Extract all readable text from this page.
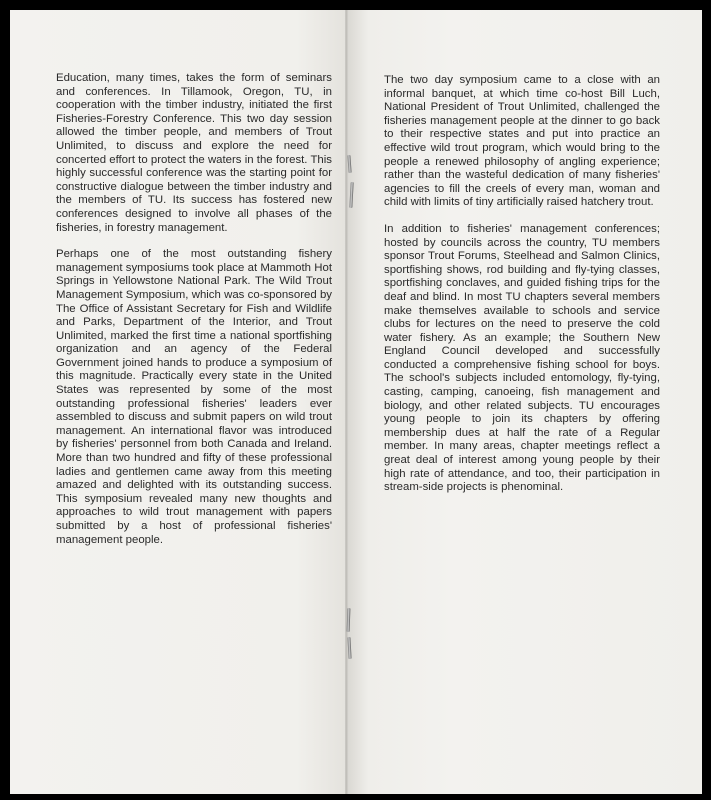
Education, many times, takes the form of seminars and conferences. In Tillamook, Oregon, TU, in cooperation with the timber industry, initiated the first Fisheries-Forestry Conference. This two day session allowed the timber people, and members of Trout Unlimited, to discuss and explore the need for concerted effort to protect the waters in the forest. This highly successful conference was the starting point for constructive dialogue between the timber industry and the members of TU. Its success has fostered new conferences designed to involve all phases of the fisheries, in forestry management.

Perhaps one of the most outstanding fishery management symposiums took place at Mammoth Hot Springs in Yellowstone National Park. The Wild Trout Management Symposium, which was co-sponsored by The Office of Assistant Secretary for Fish and Wildlife and Parks, Department of the Interior, and Trout Unlimited, marked the first time a national sportfishing organization and an agency of the Federal Government joined hands to produce a symposium of this magnitude. Practically every state in the United States was represented by some of the most outstanding professional fisheries' leaders ever assembled to discuss and submit papers on wild trout management. An international flavor was introduced by fisheries' personnel from both Canada and Ireland. More than two hundred and fifty of these professional ladies and gentlemen came away from this meeting amazed and delighted with its outstanding success. This symposium revealed many new thoughts and approaches to wild trout management with papers submitted by a host of professional fisheries' management people.

The two day symposium came to a close with an informal banquet, at which time co-host Bill Luch, National President of Trout Unlimited, challenged the fisheries management people at the dinner to go back to their respective states and put into practice an effective wild trout program, which would bring to the people a renewed philosophy of angling experience; rather than the wasteful dedication of many fisheries' agencies to fill the creels of every man, woman and child with limits of tiny artificially raised hatchery trout.

In addition to fisheries' management conferences; hosted by councils across the country, TU members sponsor Trout Forums, Steelhead and Salmon Clinics, sportfishing shows, rod building and fly-tying classes, sportfishing conclaves, and guided fishing trips for the deaf and blind. In most TU chapters several members make themselves available to schools and service clubs for lectures on the need to preserve the cold water fishery. As an example; the Southern New England Council developed and successfully conducted a comprehensive fishing school for boys. The school's subjects included entomology, fly-tying, casting, camping, canoeing, fish management and biology, and other related subjects. TU encourages young people to join its chapters by offering membership dues at half the rate of a Regular member. In many areas, chapter meetings reflect a great deal of interest among young people by their high rate of attendance, and too, their participation in stream-side projects is phenominal.
